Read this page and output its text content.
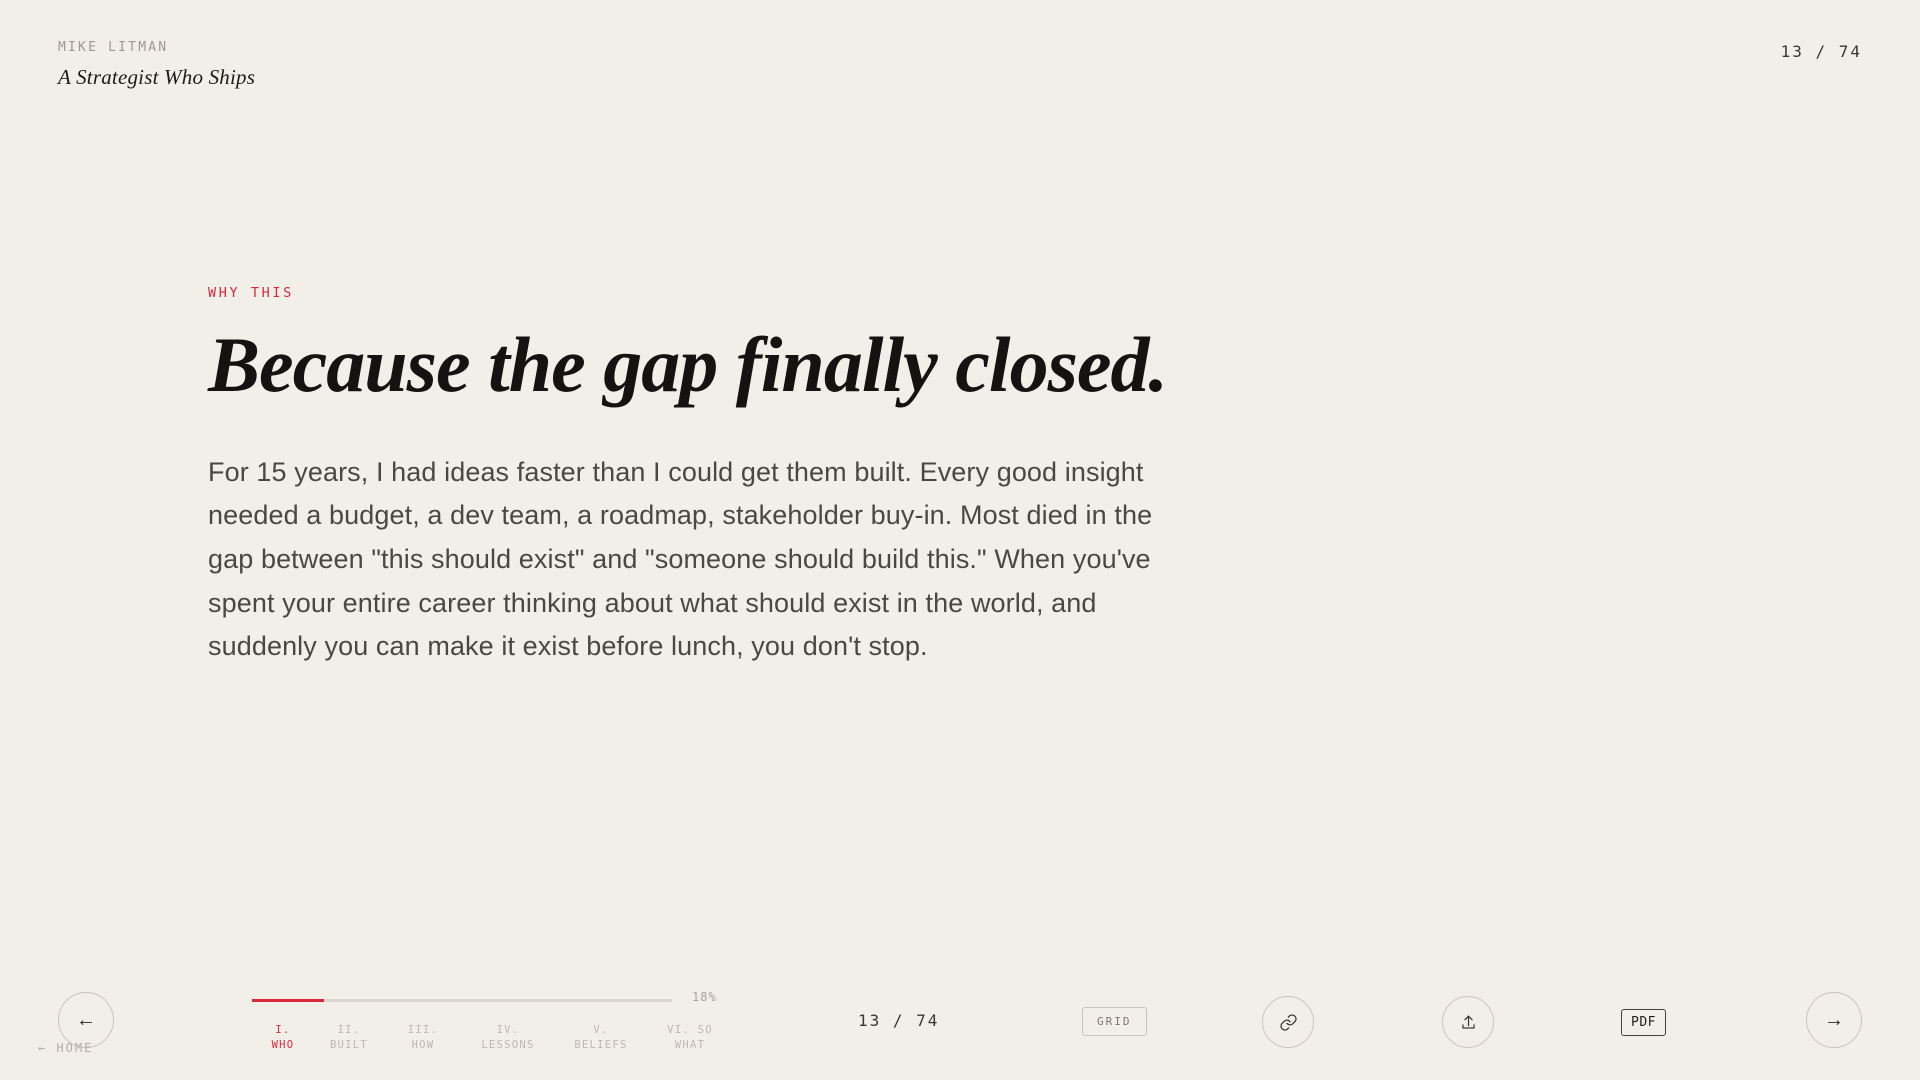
MIKE LITMAN
A Strategist Who Ships
13 / 74
WHY THIS
Because the gap finally closed.

For 15 years, I had ideas faster than I could get them built. Every good insight needed a budget, a dev team, a roadmap, stakeholder buy-in. Most died in the gap between "this should exist" and "someone should build this." When you've spent your entire career thinking about what should exist in the world, and suddenly you can make it exist before lunch, you don't stop.

←
← HOME
18%
I.
WHO
II.
BUILT
III.
HOW
IV.
LESSONS
V.
BELIEFS
VI. SO
WHAT
13 / 74	GRID	PDF	→
